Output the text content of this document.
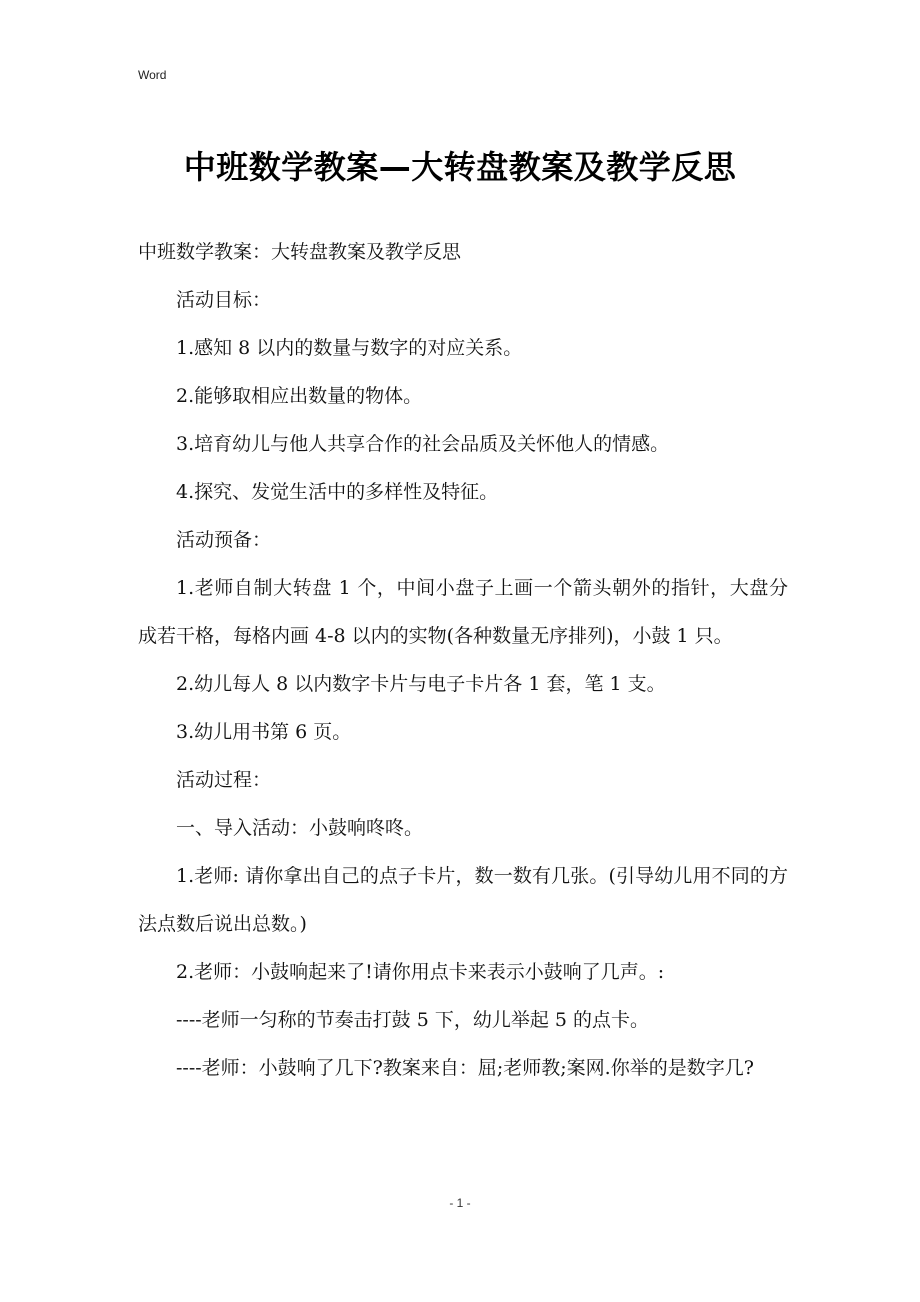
Word
中班数学教案—大转盘教案及教学反思

中班数学教案：大转盘教案及教学反思

活动目标：

1.感知 8 以内的数量与数字的对应关系。

2.能够取相应出数量的物体。

3.培育幼儿与他人共享合作的社会品质及关怀他人的情感。

4.探究、发觉生活中的多样性及特征。

活动预备：

1.老师自制大转盘 1 个，中间小盘子上画一个箭头朝外的指针，大盘分成若干格，每格内画 4-8 以内的实物(各种数量无序排列)，小鼓 1 只。

2.幼儿每人 8 以内数字卡片与电子卡片各 1 套，笔 1 支。

3.幼儿用书第 6 页。

活动过程：

一、导入活动：小鼓响咚咚。

1.老师: 请你拿出自己的点子卡片，数一数有几张。(引导幼儿用不同的方法点数后说出总数。)

2.老师：小鼓响起来了!请你用点卡来表示小鼓响了几声。:

----老师一匀称的节奏击打鼓 5 下，幼儿举起 5 的点卡。

----老师：小鼓响了几下?教案来自：屈;老师教;案网.你举的是数字几?

- 1 -
